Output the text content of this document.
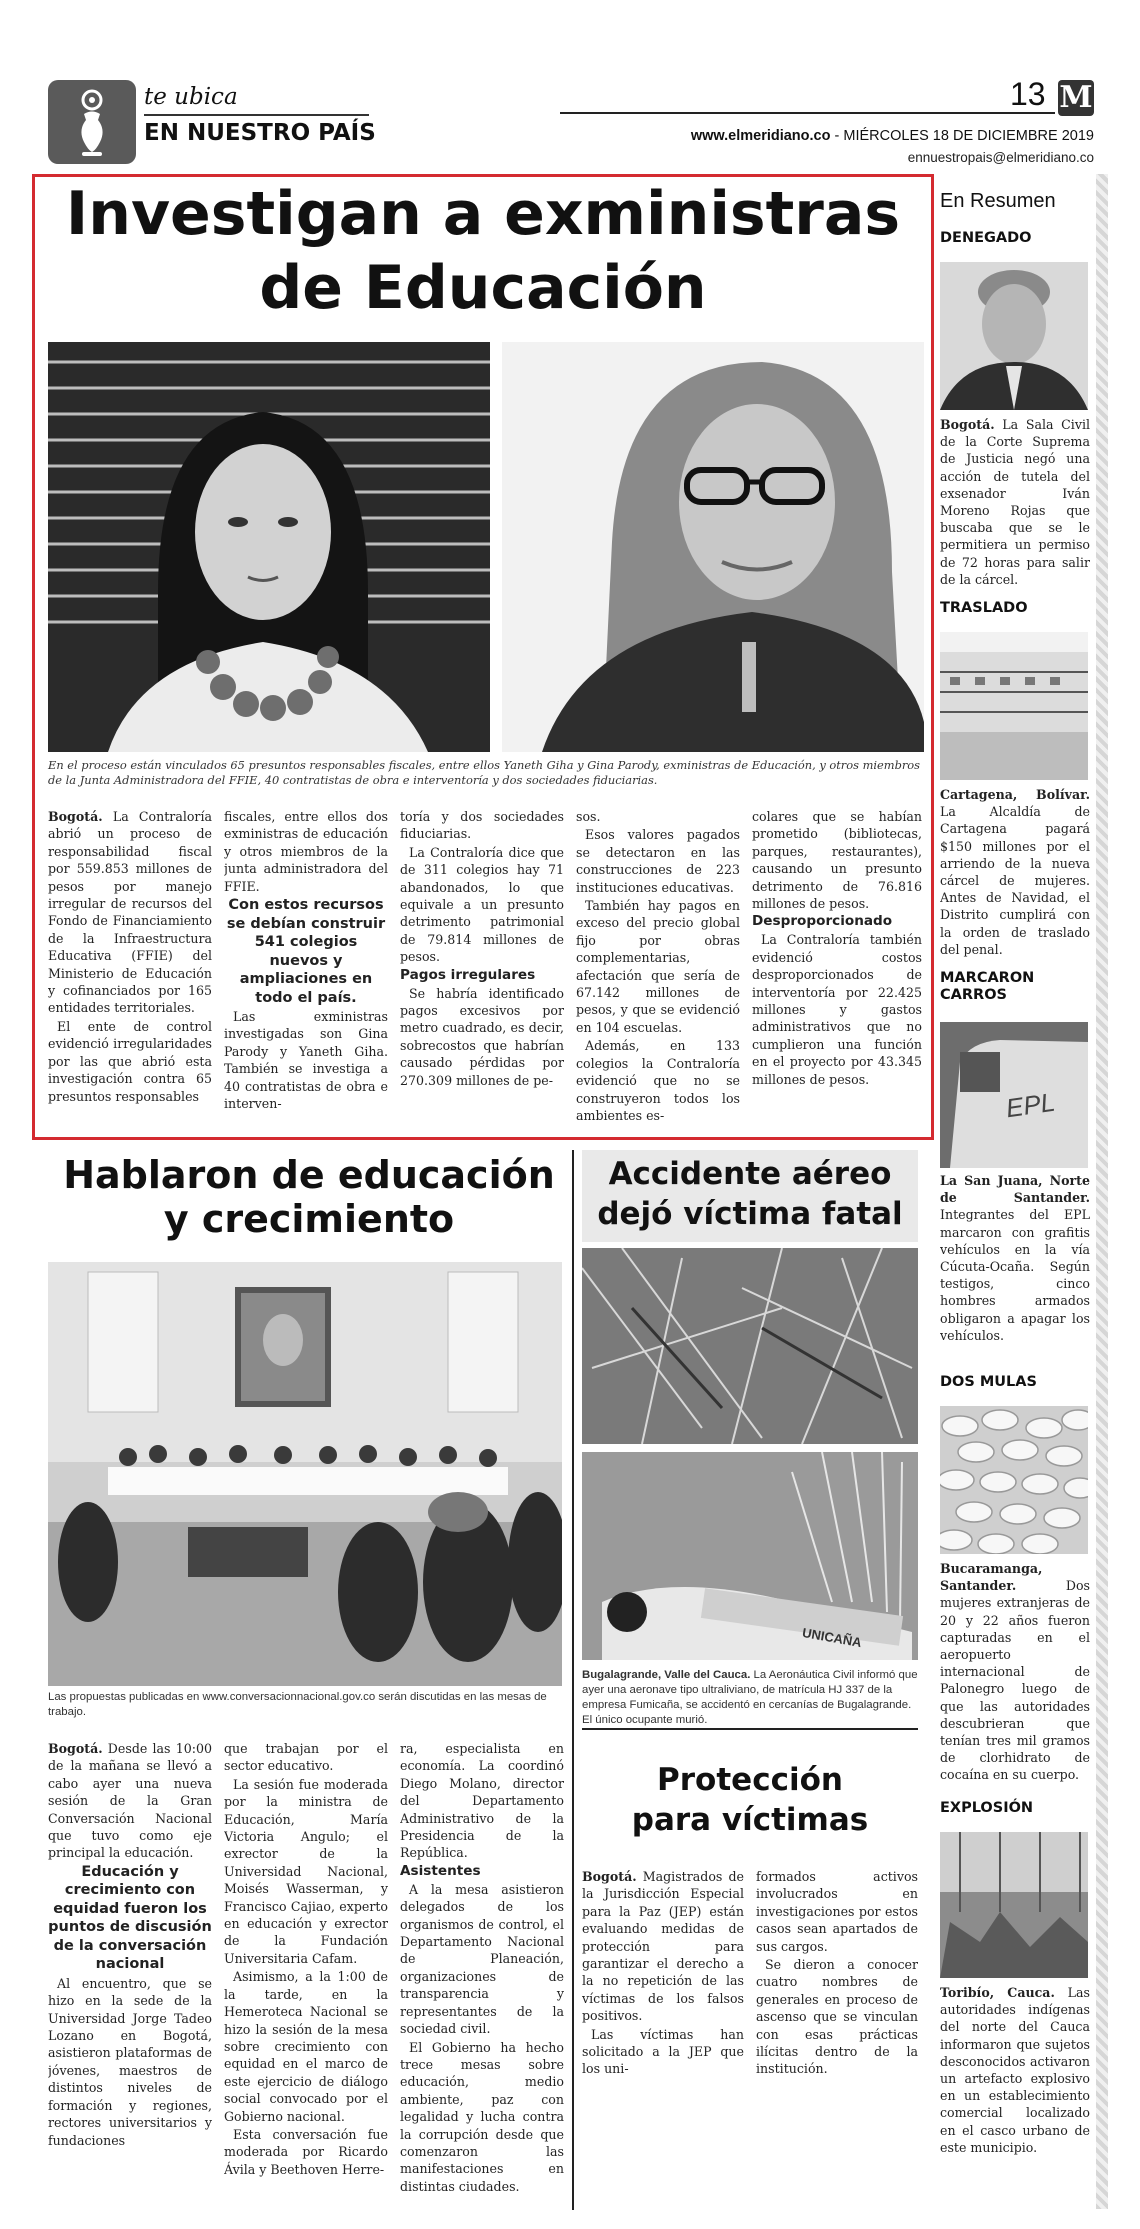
te ubica
EN NUESTRO PAÍS
13 M
www.elmeridiano.co - MIÉRCOLES 18 DE DICIEMBRE 2019
ennuestropais@elmeridiano.co
Investigan a exministras
de Educación
En el proceso están vinculados 65 presuntos responsables fiscales, entre ellos Yaneth Giha y Gina Parody, exministras de Educación, y otros miembros de la Junta Administradora del FFIE, 40 contratistas de obra e interventoría y dos sociedades fiduciarias.

Bogotá. La Contraloría abrió un proceso de responsabilidad fiscal por 559.853 millones de pesos por manejo irregular de recursos del Fondo de Financiamiento de la Infraestructura Educativa (FFIE) del Ministerio de Educación y cofinanciados por 165 entidades territoriales.

El ente de control evidenció irregularidades por las que abrió esta investigación contra 65 presuntos responsables

fiscales, entre ellos dos exministras de educación y otros miembros de la junta administradora del FFIE.

Con estos recursos se debían construir 541 colegios nuevos y ampliaciones en todo el país.

Las exministras investigadas son Gina Parody y Yaneth Giha. También se investiga a 40 contratistas de obra e interven-

toría y dos sociedades fiduciarias.

La Contraloría dice que de 311 colegios hay 71 abandonados, lo que equivale a un presunto detrimento patrimonial de 79.814 millones de pesos.

Pagos irregulares

Se habría identificado pagos excesivos por metro cuadrado, es decir, sobrecostos que habrían causado pérdidas por 270.309 millones de pe-

sos.

Esos valores pagados se detectaron en las construcciones de 223 instituciones educativas.

También hay pagos en exceso del precio global fijo por obras complementarias, afectación que sería de 67.142 millones de pesos, y que se evidenció en 104 escuelas.

Además, en 133 colegios la Contraloría evidenció que no se construyeron todos los ambientes es-

colares que se habían prometido (bibliotecas, parques, restaurantes), causando un presunto detrimento de 76.816 millones de pesos.

Desproporcionado

La Contraloría también evidenció costos desproporcionados de interventoría por 22.425 millones y gastos administrativos que no cumplieron una función en el proyecto por 43.345 millones de pesos.

Hablaron de educación
y crecimiento
Las propuestas publicadas en www.conversacionnacional.gov.co serán discutidas en las mesas de trabajo.

Bogotá. Desde las 10:00 de la mañana se llevó a cabo ayer una nueva sesión de la Gran Conversación Nacional que tuvo como eje principal la educación.

Educación y crecimiento con equidad fueron los puntos de discusión de la conversación nacional

Al encuentro, que se hizo en la sede de la Universidad Jorge Tadeo Lozano en Bogotá, asistieron plataformas de jóvenes, maestros de distintos niveles de formación y regiones, rectores universitarios y fundaciones

que trabajan por el sector educativo.

La sesión fue moderada por la ministra de Educación, María Victoria Angulo; el exrector de la Universidad Nacional, Moisés Wasserman, y Francisco Cajiao, experto en educación y exrector de la Fundación Universitaria Cafam.

Asimismo, a la 1:00 de la tarde, en la Hemeroteca Nacional se hizo la sesión de la mesa sobre crecimiento con equidad en el marco de este ejercicio de diálogo social convocado por el Gobierno nacional.

Esta conversación fue moderada por Ricardo Ávila y Beethoven Herre-

ra, especialista en economía. La coordinó Diego Molano, director del Departamento Administrativo de la Presidencia de la República.

Asistentes

A la mesa asistieron delegados de los organismos de control, el Departamento Nacional de Planeación, organizaciones de transparencia y representantes de la sociedad civil.

El Gobierno ha hecho trece mesas sobre educación, medio ambiente, paz con legalidad y lucha contra la corrupción desde que comenzaron las manifestaciones en distintas ciudades.

Accidente aéreo
dejó víctima fatal
UNICAÑA
Bugalagrande, Valle del Cauca. La Aeronáutica Civil informó que ayer una aeronave tipo ultraliviano, de matrícula HJ 337 de la empresa Fumicaña, se accidentó en cercanías de Bugalagrande. El único ocupante murió.
Protección
para víctimas

Bogotá. Magistrados de la Jurisdicción Especial para la Paz (JEP) están evaluando medidas de protección para garantizar el derecho a la no repetición de las víctimas de los falsos positivos.

Las víctimas han solicitado a la JEP que los uni-

formados activos involucrados en investigaciones por estos casos sean apartados de sus cargos.

Se dieron a conocer cuatro nombres de generales en proceso de ascenso que se vinculan con esas prácticas ilícitas dentro de la institución.

En Resumen
DENEGADO
Bogotá. La Sala Civil de la Corte Suprema de Justicia negó una acción de tutela del exsenador Iván Moreno Rojas que buscaba que se le permitiera un permiso de 72 horas para salir de la cárcel.
TRASLADO
Cartagena, Bolívar. La Alcaldía de Cartagena pagará $150 millones por el arriendo de la nueva cárcel de mujeres. Antes de Navidad, el Distrito cumplirá con la orden de traslado del penal.
MARCARON CARROS
EPL
La San Juana, Norte de Santander. Integrantes del EPL marcaron con grafitis vehículos en la vía Cúcuta-Ocaña. Según testigos, cinco hombres armados obligaron a apagar los vehículos.
DOS MULAS
Bucaramanga, Santander. Dos mujeres extranjeras de 20 y 22 años fueron capturadas en el aeropuerto internacional de Palonegro luego de que las autoridades descubrieran que tenían tres mil gramos de clorhidrato de cocaína en su cuerpo.
EXPLOSIÓN
Toribío, Cauca. Las autoridades indígenas del norte del Cauca informaron que sujetos desconocidos activaron un artefacto explosivo en un establecimiento comercial localizado en el casco urbano de este municipio.
